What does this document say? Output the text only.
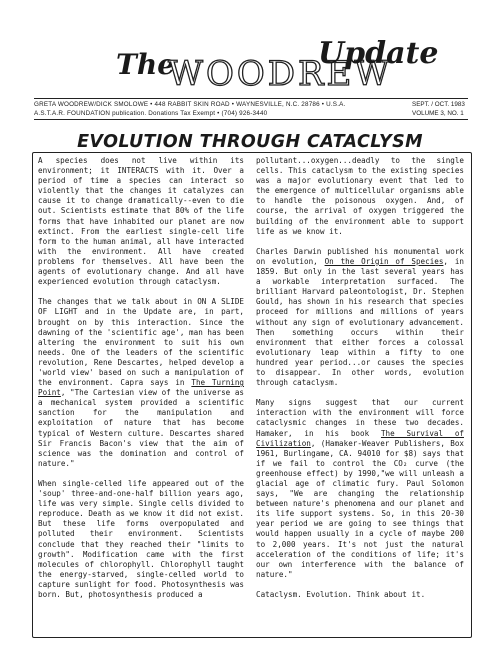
The
WOODREW
Update
GRETA WOODREW/DICK SMOLOWE • 448 RABBIT SKIN ROAD • WAYNESVILLE, N.C. 28786 • U.S.A.	SEPT. / OCT. 1983
A.S.T.A.R. FOUNDATION publication. Donations Tax Exempt • (704) 926-3440	VOLUME 3, NO. 1
EVOLUTION THROUGH CATACLYSM

A species does not live within its environment; it INTERACTS with it. Over a period of time a species can interact so violently that the changes it catalyzes can cause it to change dramatically--even to die out. Scientists estimate that 80% of the life forms that have inhabited our planet are now extinct. From the earliest single-cell life form to the human animal, all have interacted with the environment. All have created problems for themselves. All have been the agents of evolutionary change. And all have experienced evolution through cataclysm.

The changes that we talk about in ON A SLIDE OF LIGHT and in the Update are, in part, brought on by this interaction. Since the dawning of the 'scientific age', man has been altering the environment to suit his own needs. One of the leaders of the scientific revolution, Rene Descartes, helped develop a 'world view' based on such a manipulation of the environment. Capra says in The Turning Point, "The Cartesian view of the universe as a mechanical system provided a scientific sanction for the manipulation and exploitation of nature that has become typical of Western culture. Descartes shared Sir Francis Bacon's view that the aim of science was the domination and control of nature."

When single-celled life appeared out of the 'soup' three-and-one-half billion years ago, life was very simple. Single cells divided to reproduce. Death as we know it did not exist. But these life forms overpopulated and polluted their environment. Scientists conclude that they reached their "limits to growth". Modification came with the first molecules of chlorophyll. Chlorophyll taught the energy-starved, single-celled world to capture sunlight for food. Photosynthesis was born. But, photosynthesis produced a

pollutant...oxygen...deadly to the single cells. This cataclysm to the existing species was a major evolutionary event that led to the emergence of multicellular organisms able to handle the poisonous oxygen. And, of course, the arrival of oxygen triggered the building of the environment able to support life as we know it.

Charles Darwin published his monumental work on evolution, On the Origin of Species, in 1859. But only in the last several years has a workable interpretation surfaced. The brilliant Harvard paleontologist, Dr. Stephen Gould, has shown in his research that species proceed for millions and millions of years without any sign of evolutionary advancement. Then something occurs within their environment that either forces a colossal evolutionary leap within a fifty to one hundred year period...or causes the species to disappear. In other words, evolution through cataclysm.

Many signs suggest that our current interaction with the environment will force cataclysmic changes in these two decades. Hamaker, in his book The Survival of Civilization, (Hamaker-Weaver Publishers, Box 1961, Burlingame, CA. 94010 for $8) says that if we fail to control the CO₂ curve (the greenhouse effect) by 1990,"we will unleash a glacial age of climatic fury. Paul Solomon says, "We are changing the relationship between nature's phenomena and our planet and its life support systems. So, in this 20-30 year period we are going to see things that would happen usually in a cycle of maybe 200 to 2,000 years. It's not just the natural acceleration of the conditions of life; it's our own interference with the balance of nature."

Cataclysm. Evolution. Think about it.
